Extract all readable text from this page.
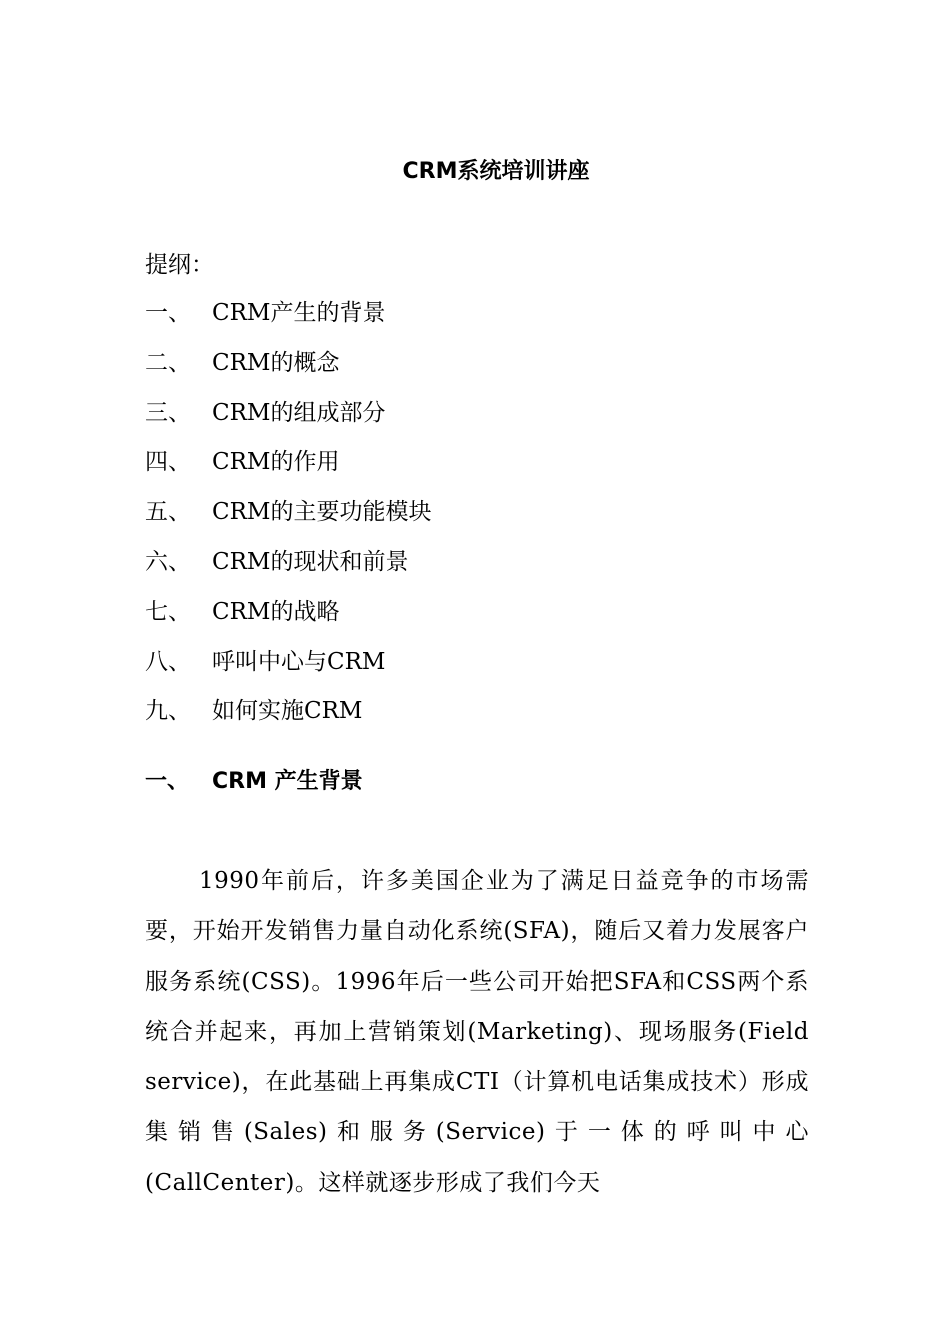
CRM系统培训讲座
提纲：
一、 CRM产生的背景
二、 CRM的概念
三、 CRM的组成部分
四、 CRM的作用
五、 CRM的主要功能模块
六、 CRM的现状和前景
七、 CRM的战略
八、 呼叫中心与CRM
九、 如何实施CRM
一、 CRM 产生背景

1990年前后，许多美国企业为了满足日益竞争的市场需要，开始开发销售力量自动化系统(SFA)，随后又着力发展客户服务系统(CSS)。1996年后一些公司开始把SFA和CSS两个系统合并起来，再加上营销策划(Marketing)、现场服务(Field service)，在此基础上再集成CTI（计算机电话集成技术）形成集销售(Sales)和服务(Service)于一体的呼叫中心(CallCenter)。这样就逐步形成了我们今天
